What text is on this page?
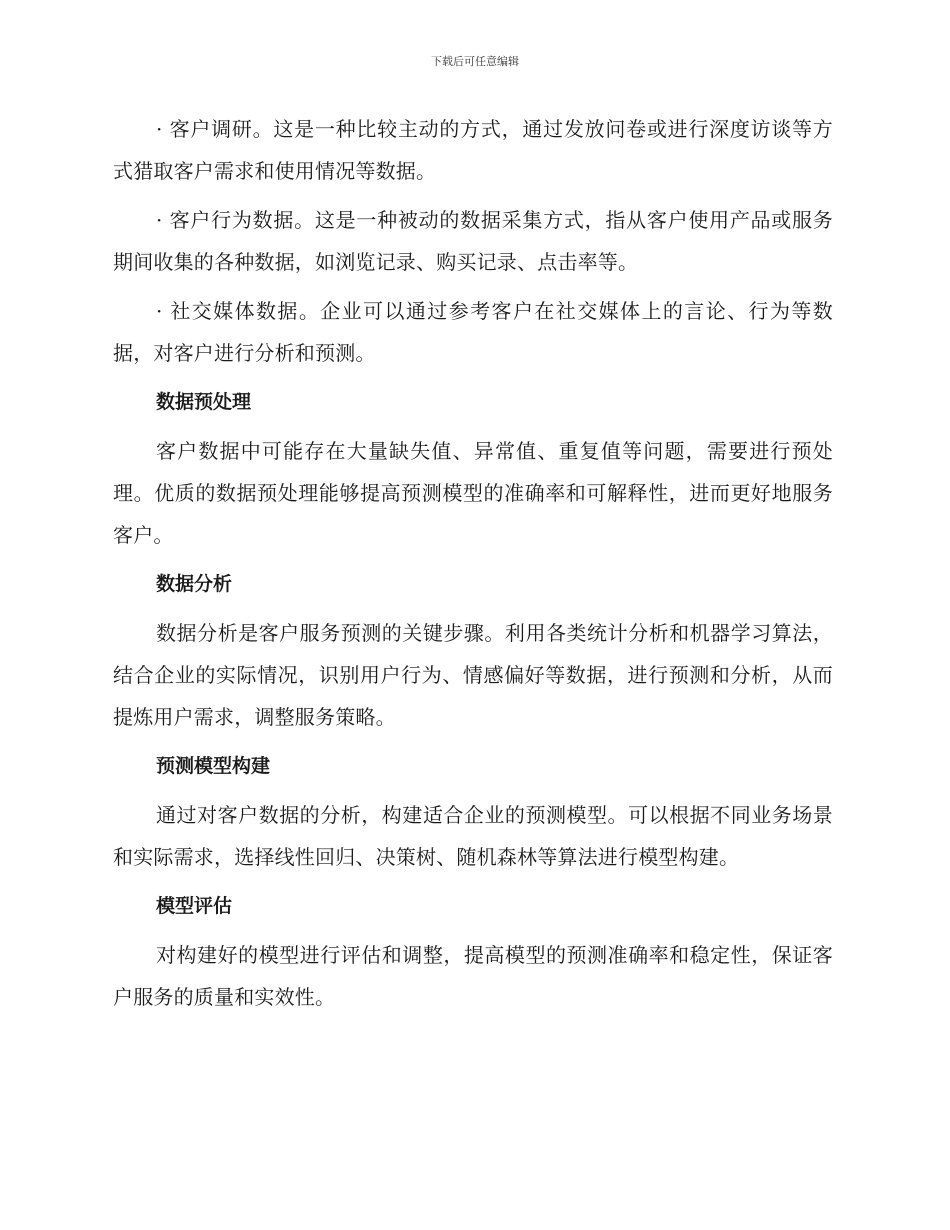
下载后可任意编辑

· 客户调研。这是一种比较主动的方式，通过发放问卷或进行深度访谈等方式猎取客户需求和使用情况等数据。

· 客户行为数据。这是一种被动的数据采集方式，指从客户使用产品或服务期间收集的各种数据，如浏览记录、购买记录、点击率等。

· 社交媒体数据。企业可以通过参考客户在社交媒体上的言论、行为等数据，对客户进行分析和预测。

数据预处理

客户数据中可能存在大量缺失值、异常值、重复值等问题，需要进行预处理。优质的数据预处理能够提高预测模型的准确率和可解释性，进而更好地服务客户。

数据分析

数据分析是客户服务预测的关键步骤。利用各类统计分析和机器学习算法，结合企业的实际情况，识别用户行为、情感偏好等数据，进行预测和分析，从而提炼用户需求，调整服务策略。

预测模型构建

通过对客户数据的分析，构建适合企业的预测模型。可以根据不同业务场景和实际需求，选择线性回归、决策树、随机森林等算法进行模型构建。

模型评估

对构建好的模型进行评估和调整，提高模型的预测准确率和稳定性，保证客户服务的质量和实效性。
